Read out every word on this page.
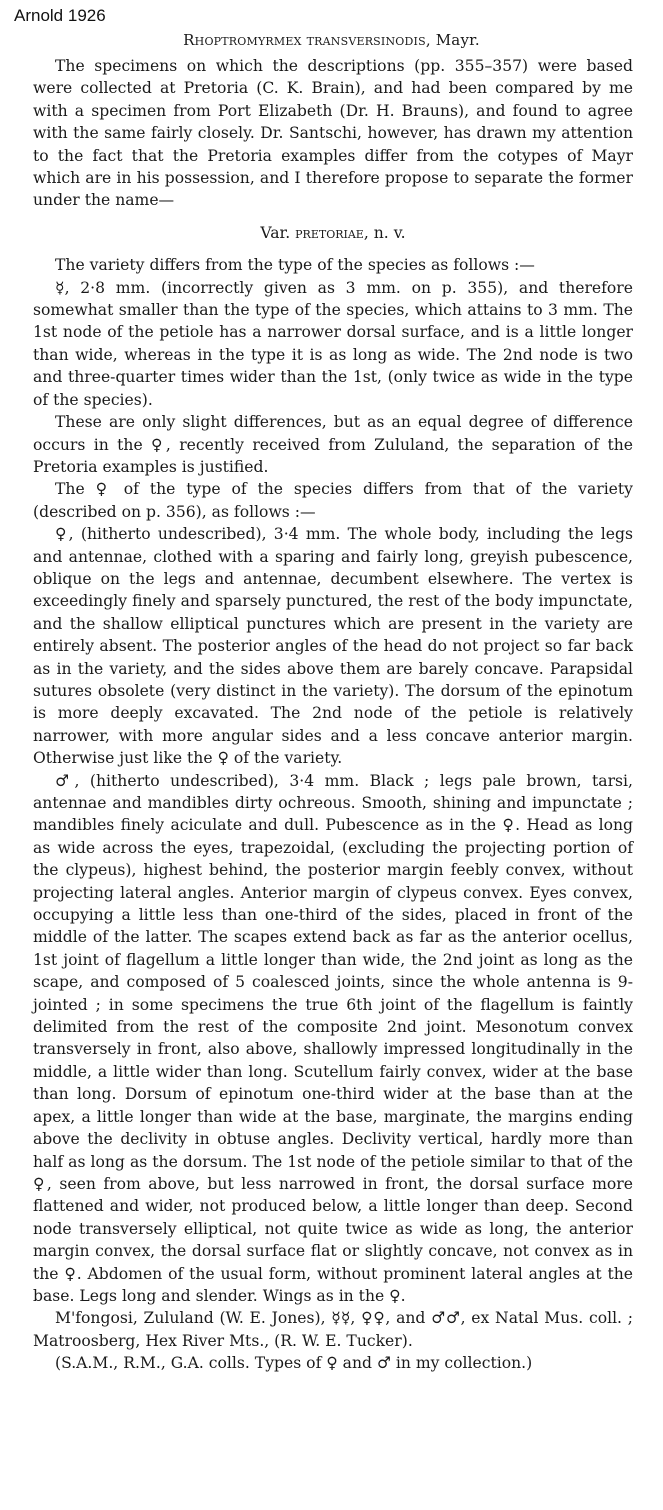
Arnold 1926
Rhoptromyrmex transversinodis, Mayr.

The specimens on which the descriptions (pp. 355–357) were based were collected at Pretoria (C. K. Brain), and had been compared by me with a specimen from Port Elizabeth (Dr. H. Brauns), and found to agree with the same fairly closely. Dr. Santschi, however, has drawn my attention to the fact that the Pretoria examples differ from the cotypes of Mayr which are in his possession, and I therefore propose to separate the former under the name—

Var. pretoriae, n. v.

The variety differs from the type of the species as follows :—

☿, 2·8 mm. (incorrectly given as 3 mm. on p. 355), and therefore somewhat smaller than the type of the species, which attains to 3 mm. The 1st node of the petiole has a narrower dorsal surface, and is a little longer than wide, whereas in the type it is as long as wide. The 2nd node is two and three-quarter times wider than the 1st, (only twice as wide in the type of the species).

These are only slight differences, but as an equal degree of difference occurs in the ♀, recently received from Zululand, the separation of the Pretoria examples is justified.

The ♀ of the type of the species differs from that of the variety (described on p. 356), as follows :—

♀, (hitherto undescribed), 3·4 mm. The whole body, including the legs and antennae, clothed with a sparing and fairly long, greyish pubescence, oblique on the legs and antennae, decumbent elsewhere. The vertex is exceedingly finely and sparsely punctured, the rest of the body impunctate, and the shallow elliptical punctures which are present in the variety are entirely absent. The posterior angles of the head do not project so far back as in the variety, and the sides above them are barely concave. Parapsidal sutures obsolete (very distinct in the variety). The dorsum of the epinotum is more deeply excavated. The 2nd node of the petiole is relatively narrower, with more angular sides and a less concave anterior margin. Otherwise just like the ♀ of the variety.

♂, (hitherto undescribed), 3·4 mm. Black ; legs pale brown, tarsi, antennae and mandibles dirty ochreous. Smooth, shining and impunctate ; mandibles finely aciculate and dull. Pubescence as in the ♀. Head as long as wide across the eyes, trapezoidal, (excluding the projecting portion of the clypeus), highest behind, the posterior margin feebly convex, without projecting lateral angles. Anterior margin of clypeus convex. Eyes convex, occupying a little less than one-third of the sides, placed in front of the middle of the latter. The scapes extend back as far as the anterior ocellus, 1st joint of flagellum a little longer than wide, the 2nd joint as long as the scape, and composed of 5 coalesced joints, since the whole antenna is 9-jointed ; in some specimens the true 6th joint of the flagellum is faintly delimited from the rest of the composite 2nd joint. Mesonotum convex transversely in front, also above, shallowly impressed longitudinally in the middle, a little wider than long. Scutellum fairly convex, wider at the base than long. Dorsum of epinotum one-third wider at the base than at the apex, a little longer than wide at the base, marginate, the margins ending above the declivity in obtuse angles. Declivity vertical, hardly more than half as long as the dorsum. The 1st node of the petiole similar to that of the ♀, seen from above, but less narrowed in front, the dorsal surface more flattened and wider, not produced below, a little longer than deep. Second node transversely elliptical, not quite twice as wide as long, the anterior margin convex, the dorsal surface flat or slightly concave, not convex as in the ♀. Abdomen of the usual form, without prominent lateral angles at the base. Legs long and slender. Wings as in the ♀.

M'fongosi, Zululand (W. E. Jones), ☿☿, ♀♀, and ♂♂, ex Natal Mus. coll. ; Matroosberg, Hex River Mts., (R. W. E. Tucker).

(S.A.M., R.M., G.A. colls. Types of ♀ and ♂ in my collection.)
